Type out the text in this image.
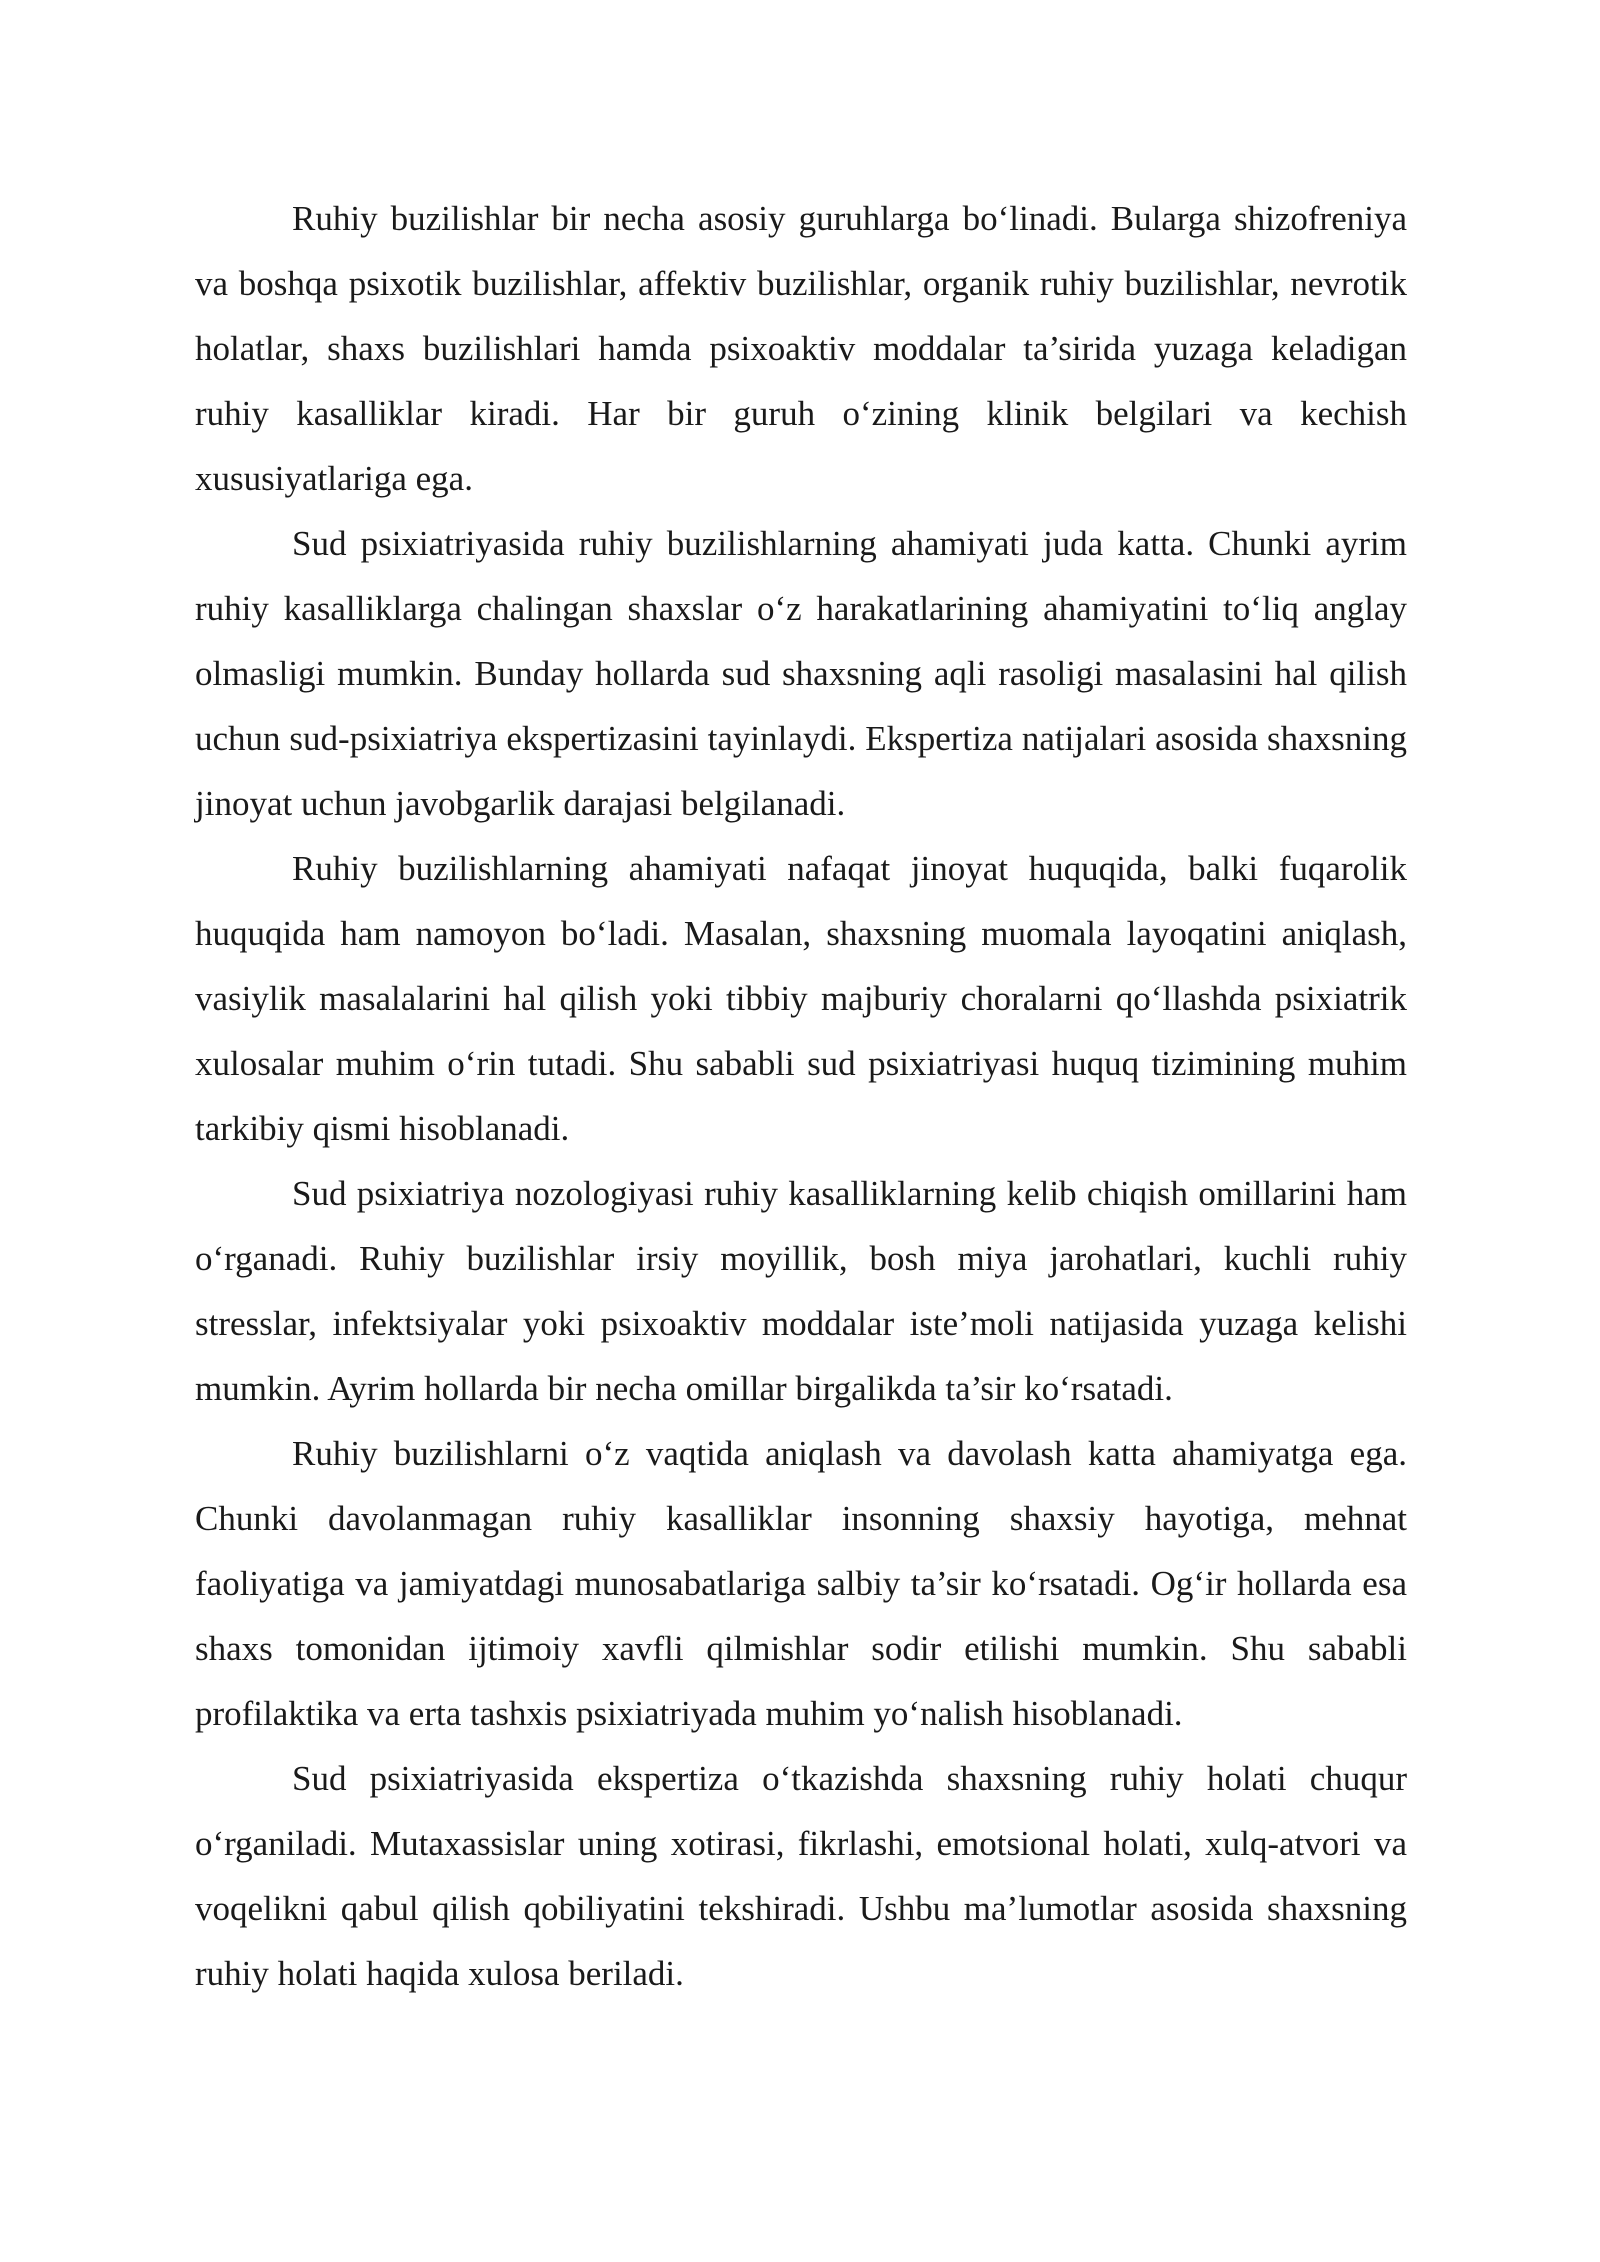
Ruhiy buzilishlar bir necha asosiy guruhlarga bo‘linadi. Bularga shizofreniya va boshqa psixotik buzilishlar, affektiv buzilishlar, organik ruhiy buzilishlar, nevrotik holatlar, shaxs buzilishlari hamda psixoaktiv moddalar ta’sirida yuzaga keladigan ruhiy kasalliklar kiradi. Har bir guruh o‘zining klinik belgilari va kechish xususiyatlariga ega.

Sud psixiatriyasida ruhiy buzilishlarning ahamiyati juda katta. Chunki ayrim ruhiy kasalliklarga chalingan shaxslar o‘z harakatlarining ahamiyatini to‘liq anglay olmasligi mumkin. Bunday hollarda sud shaxsning aqli rasoligi masalasini hal qilish uchun sud-psixiatriya ekspertizasini tayinlaydi. Ekspertiza natijalari asosida shaxsning jinoyat uchun javobgarlik darajasi belgilanadi.

Ruhiy buzilishlarning ahamiyati nafaqat jinoyat huquqida, balki fuqarolik huquqida ham namoyon bo‘ladi. Masalan, shaxsning muomala layoqatini aniqlash, vasiylik masalalarini hal qilish yoki tibbiy majburiy choralarni qo‘llashda psixiatrik xulosalar muhim o‘rin tutadi. Shu sababli sud psixiatriyasi huquq tizimining muhim tarkibiy qismi hisoblanadi.

Sud psixiatriya nozologiyasi ruhiy kasalliklarning kelib chiqish omillarini ham o‘rganadi. Ruhiy buzilishlar irsiy moyillik, bosh miya jarohatlari, kuchli ruhiy stresslar, infektsiyalar yoki psixoaktiv moddalar iste’moli natijasida yuzaga kelishi mumkin. Ayrim hollarda bir necha omillar birgalikda ta’sir ko‘rsatadi.

Ruhiy buzilishlarni o‘z vaqtida aniqlash va davolash katta ahamiyatga ega. Chunki davolanmagan ruhiy kasalliklar insonning shaxsiy hayotiga, mehnat faoliyatiga va jamiyatdagi munosabatlariga salbiy ta’sir ko‘rsatadi. Og‘ir hollarda esa shaxs tomonidan ijtimoiy xavfli qilmishlar sodir etilishi mumkin. Shu sababli profilaktika va erta tashxis psixiatriyada muhim yo‘nalish hisoblanadi.

Sud psixiatriyasida ekspertiza o‘tkazishda shaxsning ruhiy holati chuqur o‘rganiladi. Mutaxassislar uning xotirasi, fikrlashi, emotsional holati, xulq-atvori va voqelikni qabul qilish qobiliyatini tekshiradi. Ushbu ma’lumotlar asosida shaxsning ruhiy holati haqida xulosa beriladi.
